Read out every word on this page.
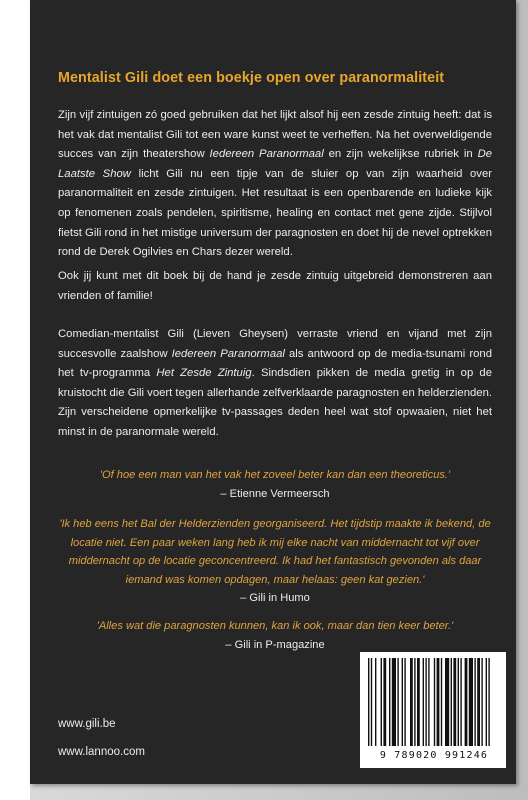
Mentalist Gili doet een boekje open over paranormaliteit

Zijn vijf zintuigen zó goed gebruiken dat het lijkt alsof hij een zesde zintuig heeft: dat is het vak dat mentalist Gili tot een ware kunst weet te verheffen. Na het overweldigende succes van zijn theatershow Iedereen Paranormaal en zijn wekelijkse rubriek in De Laatste Show licht Gili nu een tipje van de sluier op van zijn waarheid over paranormaliteit en zesde zintuigen. Het resultaat is een openbarende en ludieke kijk op fenomenen zoals pendelen, spiritisme, healing en contact met gene zijde. Stijlvol fietst Gili rond in het mistige universum der paragnosten en doet hij de nevel optrekken rond de Derek Ogilvies en Chars dezer wereld.

Ook jij kunt met dit boek bij de hand je zesde zintuig uitgebreid demonstreren aan vrienden of familie!

Comedian-mentalist Gili (Lieven Gheysen) verraste vriend en vijand met zijn succesvolle zaalshow Iedereen Paranormaal als antwoord op de media-tsunami rond het tv-programma Het Zesde Zintuig. Sindsdien pikken de media gretig in op de kruistocht die Gili voert tegen allerhande zelfverklaarde paragnosten en helderzienden. Zijn verscheidene opmerkelijke tv-passages deden heel wat stof opwaaien, niet het minst in de paranormale wereld.

'Of hoe een man van het vak het zoveel beter kan dan een theoreticus.'
– Etienne Vermeersch

'Ik heb eens het Bal der Helderzienden georganiseerd. Het tijdstip maakte ik bekend, de locatie niet. Een paar weken lang heb ik mij elke nacht van middernacht tot vijf over middernacht op de locatie geconcentreerd. Ik had het fantastisch gevonden als daar iemand was komen opdagen, maar helaas: geen kat gezien.'
– Gili in Humo

'Alles wat die paragnosten kunnen, kan ik ook, maar dan tien keer beter.'
– Gili in P-magazine

www.gili.be
www.lannoo.com	9 789020 991246
